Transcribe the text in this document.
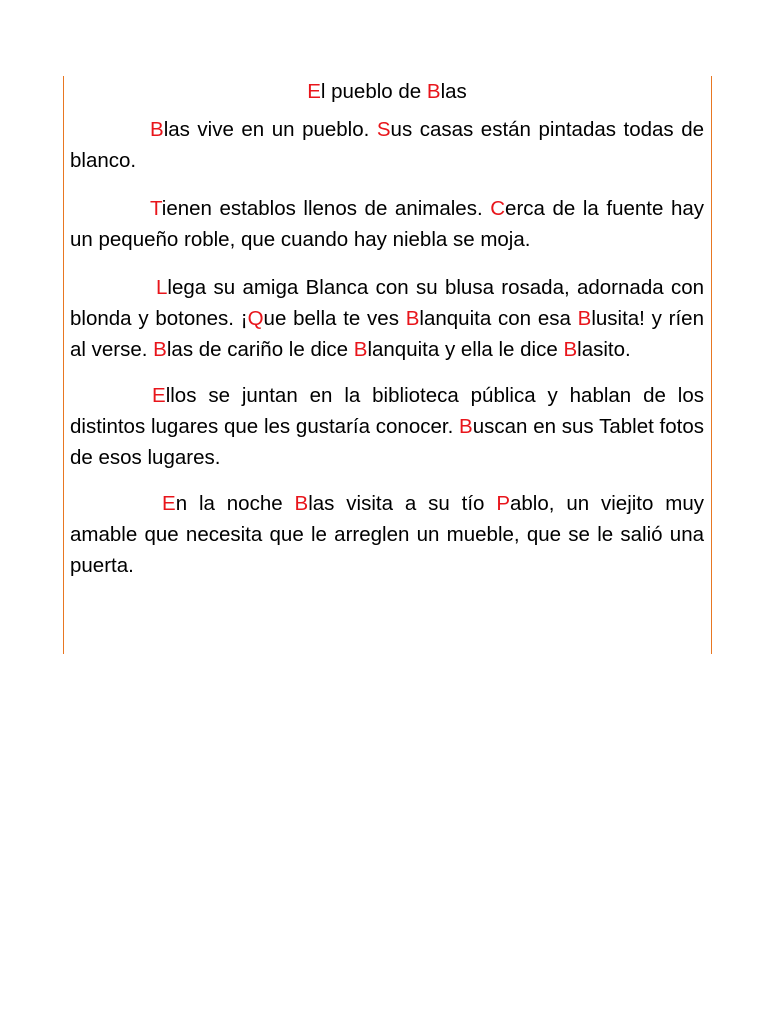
El pueblo de Blas

Blas vive en un pueblo. Sus casas están pintadas todas de blanco.

Tienen establos llenos de animales. Cerca de la fuente hay un pequeño roble, que cuando hay niebla se moja.

Llega su amiga Blanca con su blusa rosada, adornada con blonda y botones. ¡Que bella te ves Blanquita con esa Blusita! y ríen al verse. Blas de cariño le dice Blanquita y ella le dice Blasito.

Ellos se juntan en la biblioteca pública y hablan de los distintos lugares que les gustaría conocer. Buscan en sus Tablet fotos de esos lugares.

En la noche Blas visita a su tío Pablo, un viejito muy amable que necesita que le arreglen un mueble, que se le salió una puerta.
